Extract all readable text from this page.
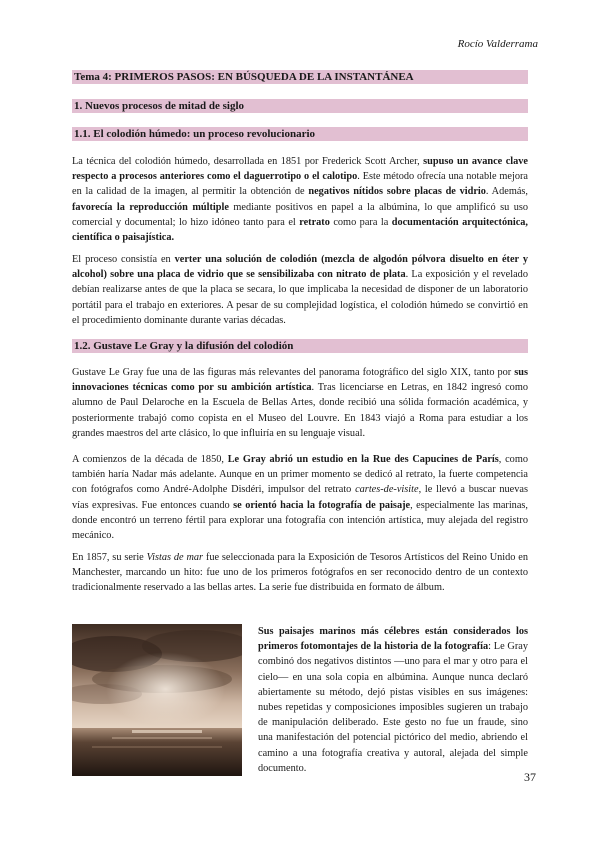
Rocío Valderrama
Tema 4: PRIMEROS PASOS: EN BÚSQUEDA DE LA INSTANTÁNEA
1. Nuevos procesos de mitad de siglo
1.1. El colodión húmedo: un proceso revolucionario

La técnica del colodión húmedo, desarrollada en 1851 por Frederick Scott Archer, supuso un avance clave respecto a procesos anteriores como el daguerrotipo o el calotipo. Este método ofrecía una notable mejora en la calidad de la imagen, al permitir la obtención de negativos nítidos sobre placas de vidrio. Además, favorecía la reproducción múltiple mediante positivos en papel a la albúmina, lo que amplificó su uso comercial y documental; lo hizo idóneo tanto para el retrato como para la documentación arquitectónica, científica o paisajística.

El proceso consistía en verter una solución de colodión (mezcla de algodón pólvora disuelto en éter y alcohol) sobre una placa de vidrio que se sensibilizaba con nitrato de plata. La exposición y el revelado debían realizarse antes de que la placa se secara, lo que implicaba la necesidad de disponer de un laboratorio portátil para el trabajo en exteriores. A pesar de su complejidad logística, el colodión húmedo se convirtió en el procedimiento dominante durante varias décadas.

1.2. Gustave Le Gray y la difusión del colodión

Gustave Le Gray fue una de las figuras más relevantes del panorama fotográfico del siglo XIX, tanto por sus innovaciones técnicas como por su ambición artística. Tras licenciarse en Letras, en 1842 ingresó como alumno de Paul Delaroche en la Escuela de Bellas Artes, donde recibió una sólida formación académica, y posteriormente trabajó como copista en el Museo del Louvre. En 1843 viajó a Roma para estudiar a los grandes maestros del arte clásico, lo que influiría en su lenguaje visual.

A comienzos de la década de 1850, Le Gray abrió un estudio en la Rue des Capucines de París, como también haría Nadar más adelante. Aunque en un primer momento se dedicó al retrato, la fuerte competencia con fotógrafos como André-Adolphe Disdéri, impulsor del retrato cartes-de-visite, le llevó a buscar nuevas vías expresivas. Fue entonces cuando se orientó hacia la fotografía de paisaje, especialmente las marinas, donde encontró un terreno fértil para explorar una fotografía con intención artística, muy alejada del registro mecánico.

En 1857, su serie Vistas de mar fue seleccionada para la Exposición de Tesoros Artísticos del Reino Unido en Manchester, marcando un hito: fue uno de los primeros fotógrafos en ser reconocido dentro de un contexto tradicionalmente reservado a las bellas artes. La serie fue distribuida en formato de álbum.

Sus paisajes marinos más célebres están considerados los primeros fotomontajes de la historia de la fotografía: Le Gray combinó dos negativos distintos —uno para el mar y otro para el cielo— en una sola copia en albúmina. Aunque nunca declaró abiertamente su método, dejó pistas visibles en sus imágenes: nubes repetidas y composiciones imposibles sugieren un trabajo de manipulación deliberado. Este gesto no fue un fraude, sino una manifestación del potencial pictórico del medio, abriendo el camino a una fotografía creativa y autoral, alejada del simple documento.

37
